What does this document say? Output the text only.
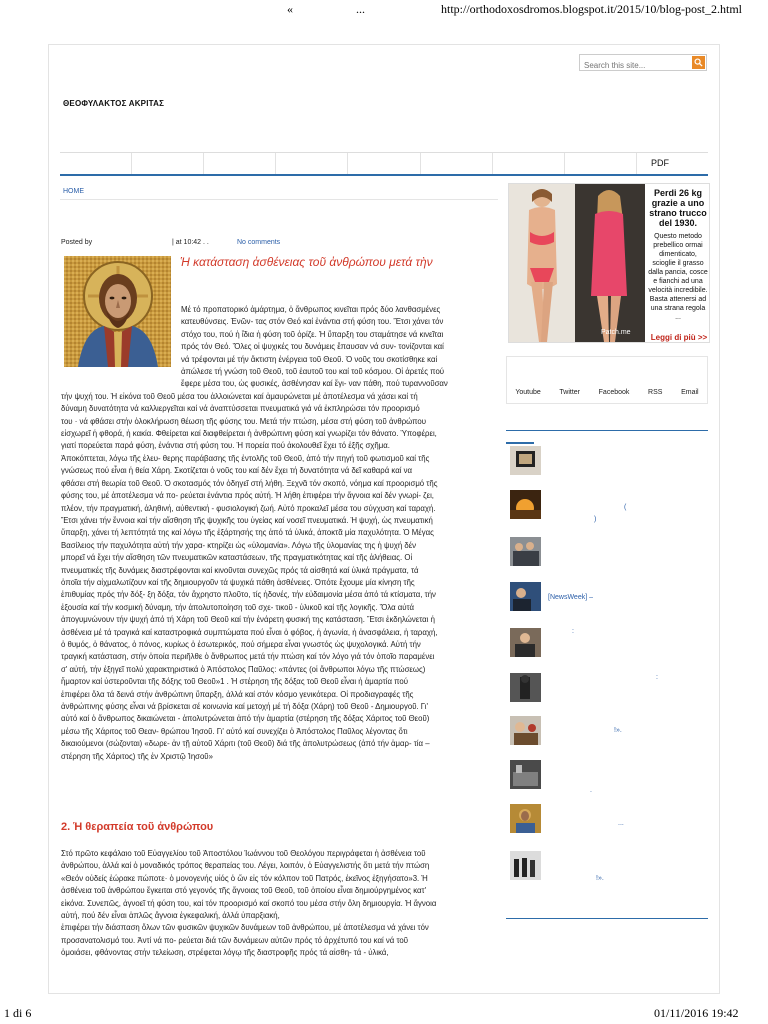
«	...	http://orthodoxosdromos.blogspot.it/2015/10/blog-post_2.html
Search this site...
ΘΕΟΦΥΛΑΚΤΟΣ ΑΚΡΙΤΑΣ
PDF
HOME
Posted by	| at 10:42 . .	No comments
Ἡ κατάσταση ἀσθένειας τοῦ ἀνθρώπου μετά τὴν

Μέ τό προπατορικό ἁμάρτημα, ὁ ἄνθρωπος κινεῖται πρός δύο λανθασμένες

κατευθύνσεις. Ἐνῶν- τας στόν Θεό καί ἐνάντια στή φύση του. Ἔτσι χάνει τόν

στόχο του, πού ἡ ἴδια ἡ φύση τοῦ ὁρίζε. Ἡ ὕπαρξη του σταμάτησε νά κινεῖται

πρός τόν Θεό. Ὅλες οἱ ψυχικές του δυνάμεις ἔπαυσαν νά συν- τονίζονται καί

νά τρέφονται μέ τήν ἄκτιστη ἐνέργεια τοῦ Θεοῦ. Ὁ νοῦς του σκοτίσθηκε καί

ἀπώλεσε τή γνώση τοῦ Θεοῦ, τοῦ ἑαυτοῦ του καί τοῦ κόσμου. Οἱ ἀρετές πού

ἔφερε μέσα του, ὡς φυσικές, ἀσθένησαν καί ἔγι- ναν πάθη, πού τυραννοῦσαν

τήν ψυχή του. Ἡ εἰκόνα τοῦ Θεοῦ μέσα του ἀλλοιώνεται καί ἀμαυρώνεται μέ ἀποτέλεσμα νά χάσει καί τή

δύναμη δυνατότητα νά καλλιεργεῖται καί νά ἀναπτύσσεται πνευματικά γιά νά ἐκπληρώσει τόν προορισμό

του · νά φθάσει στήν ὁλοκλήρωση θέωση τῆς φύσης του. Μετά τήν πτώση, μέσα στή φύση τοῦ ἀνθρώπου

εἰσχωρεῖ ἡ φθορά, ἡ κακία. Φθείρεται καί διαφθείρεται ἡ ἀνθρώπινη φύση καί γνωρίζει τόν θάνατο. Ὑποφέρει,

γιατί πορεύεται παρά φύση, ἐνάντια στή φύση του. Ἡ πορεία πού ἀκολουθεῖ ἔχει τό ἑξῆς σχῆμα.

Ἀποκόπτεται, λόγω τῆς ἐλευ- θερης παράβασης τῆς ἐντολῆς τοῦ Θεοῦ, ἀπό τήν πηγή τοῦ φωτισμοῦ καί τῆς

γνώσεως πού εἶναι ἡ θεία Χάρη. Σκοτίζεται ὁ νοῦς του καί δέν ἔχει τή δυνατότητα νά δεῖ καθαρά καί να

φθάσει στή θεωρία τοῦ Θεοῦ. Ὁ σκοτασμός τόν ὁδηγεῖ στή λήθη. Ξεχνᾶ τόν σκοπό, νόημα καί προορισμό τῆς

φύσης του, μέ ἀποτέλεσμα νά πο- ρεύεται ἐνάντια πρός αὐτή. Ἡ λήθη ἐπιφέρει τήν ἄγνοια καί δέν γνωρί- ζει,

πλέον, τήν πραγματική, ἀληθινή, αὐθεντική - φυσιολογική ζωή. Αὐτό προκαλεῖ μέσα του σύγχυση καί ταραχή.

Ἔτσι χάνει τήν ἔννοια καί τήν αἴσθηση τῆς ψυχικῆς του ὑγείας καί νοσεῖ πνευματικά. Ἡ ψυχή, ὡς πνευματική

ὕπαρξη, χάνει τή λεπτότητά της καί λόγω τῆς ἐξάρτησής της ἀπό τά ὑλικά, ἀποκτᾶ μία παχυλότητα. Ὁ Μέγας

Βασίλειος τήν παχυλότητα αὐτή τήν χαρα- κτηρίζει ὡς «ὑλομανία». Λόγω τῆς ὑλομανίας της ἡ ψυχή δέν

μπορεῖ νά ἔχει τήν αἴσθηση τῶν πνευματικῶν καταστάσεων, τῆς πραγματικότητας καί τῆς ἀλήθειας. Οἱ

πνευματικές τῆς δυνάμεις διαστρέφονται καί κινοῦνται συνεχῶς πρός τά αἰσθητά καί ὑλικά πράγματα, τά

ὁποῖα τήν αἰχμαλωτίζουν καί τῆς δημιουργοῦν τά ψυχικά πάθη ἀσθένειες. Ὁπότε ἔχουμε μία κίνηση τῆς

ἐπιθυμίας πρός τήν δόξ- ξη δόξα, τόν ἄχρηστο πλοῦτο, τίς ἡδονές, τήν εὐδαιμονία μέσα ἀπό τά κτίσματα, τήν

ἐξουσία καί τήν κοσμική δύναμη, τήν ἀπολυτοποίηση τοῦ σχε- τικοῦ - ὑλικοῦ καί τῆς λογικῆς. Ὅλα αὐτά

ἀπογυμνώνουν τήν ψυχή ἀπό τή Χάρη τοῦ Θεοῦ καί τήν ἐνάρετη φυσική της κατάσταση. Ἔτσι ἐκδηλώνεται ἡ

ἀσθένεια μέ τά τραγικά καί καταστροφικά συμπτώματα πού εἶναι ὁ φόβος, ἡ ἀγωνία, ἡ ἀνασφάλεια, ἡ ταραχή,

ὁ θυμός, ὁ θάνατος, ὁ πόνος, κυρίως ὁ ἐσωτερικός, πού σήμερα εἶναι γνωστός ὡς ψυχολογικά. Αὐτή τήν

τραγική κατάσταση, στήν ὁποία περιῆλθε ὁ ἄνθρωπος μετά τήν πτώση καί τόν λόγο γιά τόν ὁποῖο παραμένει

σ' αὐτή, τήν ἐξηγεῖ πολύ χαρακτηριστικά ὁ Ἀπόστολος Παῦλος: «πάντες (οἱ ἄνθρωποι λόγω τῆς πτώσεως)

ἥμαρτον καί ὑστεροῦνται τῆς δόξης τοῦ Θεοῦ»1 . Ἡ στέρηση τῆς δόξας τοῦ Θεοῦ εἶναι ἡ ἁμαρτία πού

ἐπιφέρει ὅλα τά δεινά στήν ἀνθρώπινη ὕπαρξη, ἀλλά καί στόν κόσμο γενικότερα. Οἱ προδιαγραφές τῆς

ἀνθρώπινης φύσης εἶναι νά βρίσκεται σέ κοινωνία καί μετοχή μέ τή δόξα (Χάρη) τοῦ Θεοῦ - Δημιουργοῦ. Γι'

αὐτό καί ὁ ἄνθρωπος δικαιώνεται - ἀπολυτρώνεται ἀπό τήν ἁμαρτία (στέρηση τῆς δόξας Χάριτος τοῦ Θεοῦ)

μέσω τῆς Χάριτος τοῦ Θεαν- θρώπου Ἰησοῦ. Γι' αὐτό καί συνεχίζει ὁ Ἀπόστολος Παῦλος λέγοντας ὅτι

δικαιούμενοι (σώζονται) «δωρε- ἀν τῇ αὐτοῦ Χάριτι (τοῦ Θεοῦ) διά τῆς ἀπολυτρώσεως (ἀπό τήν ἁμαρ- τία –

στέρηση τῆς Χάριτος) τῆς ἐν Χριστῷ Ἰησοῦ»

2. Ἡ θεραπεία τοῦ ἀνθρώπου

Στό πρῶτο κεφάλαιο τοῦ Εὐαγγελίου τοῦ Ἀποστόλου Ἰωάννου τοῦ Θεολόγου περιγράφεται ἡ ἀσθένεια τοῦ

ἀνθρώπου, ἀλλά καί ὁ μοναδικός τρόπος θεραπείας του. Λέγει, λοιπόν, ὁ Εὐαγγελιστής ὅτι μετά τήν πτώση

«Θεόν οὐδείς ἑώρακε πώποτε· ὁ μονογενής υἱός ὁ ὤν εἰς τόν κόλπον τοῦ Πατρός, ἐκεῖνος ἐξηγήσατο»3. Ἡ

ἀσθένεια τοῦ ἀνθρώπου ἔγκειται στό γεγονός τῆς ἄγνοιας τοῦ Θεοῦ, τοῦ ὁποίου εἶναι δημιούργημένος κατ'

εἰκόνα. Συνεπῶς, ἀγνοεῖ τή φύση του, καί τόν προορισμό καί σκοπό του μέσα στήν ὅλη δημιουργία. Ἡ ἄγνοια

αὐτή, πού δέν εἶναι ἁπλῶς ἄγνοια ἐγκεφαλική, ἀλλά ὑπαρξιακή,

ἐπιφέρει τήν διάσπαση ὅλων τῶν φυσικῶν ψυχικῶν δυνάμεων τοῦ ἀνθρώπου, μέ ἀποτέλεσμα νά χάνει τόν

προσανατολισμό του. Ἀντί νά πο- ρεύεται διά τῶν δυνάμεων αὐτῶν πρός τό ἀρχέτυπό του καί νά τοῦ

ὁμοιάσει, φθάνοντας στήν τελείωση, στρέφεται λόγῳ τῆς διαστροφῆς πρός τά αἰσθη- τά - ὑλικά,

Patch.me
Perdi 26 kg grazie a uno strano trucco del 1930.
Questo metodo prebellico ormai dimenticato, scioglie il grasso dalla pancia, cosce e fianchi ad una velocità incredibile. Basta attenersi ad una strana regola ...
Leggi di più >>
Youtube	Twitter	Facebook	RSS	Email
(
)
[NewsWeek] –
:
:
!».
.
...
!».
1 di 6	01/11/2016 19:42
